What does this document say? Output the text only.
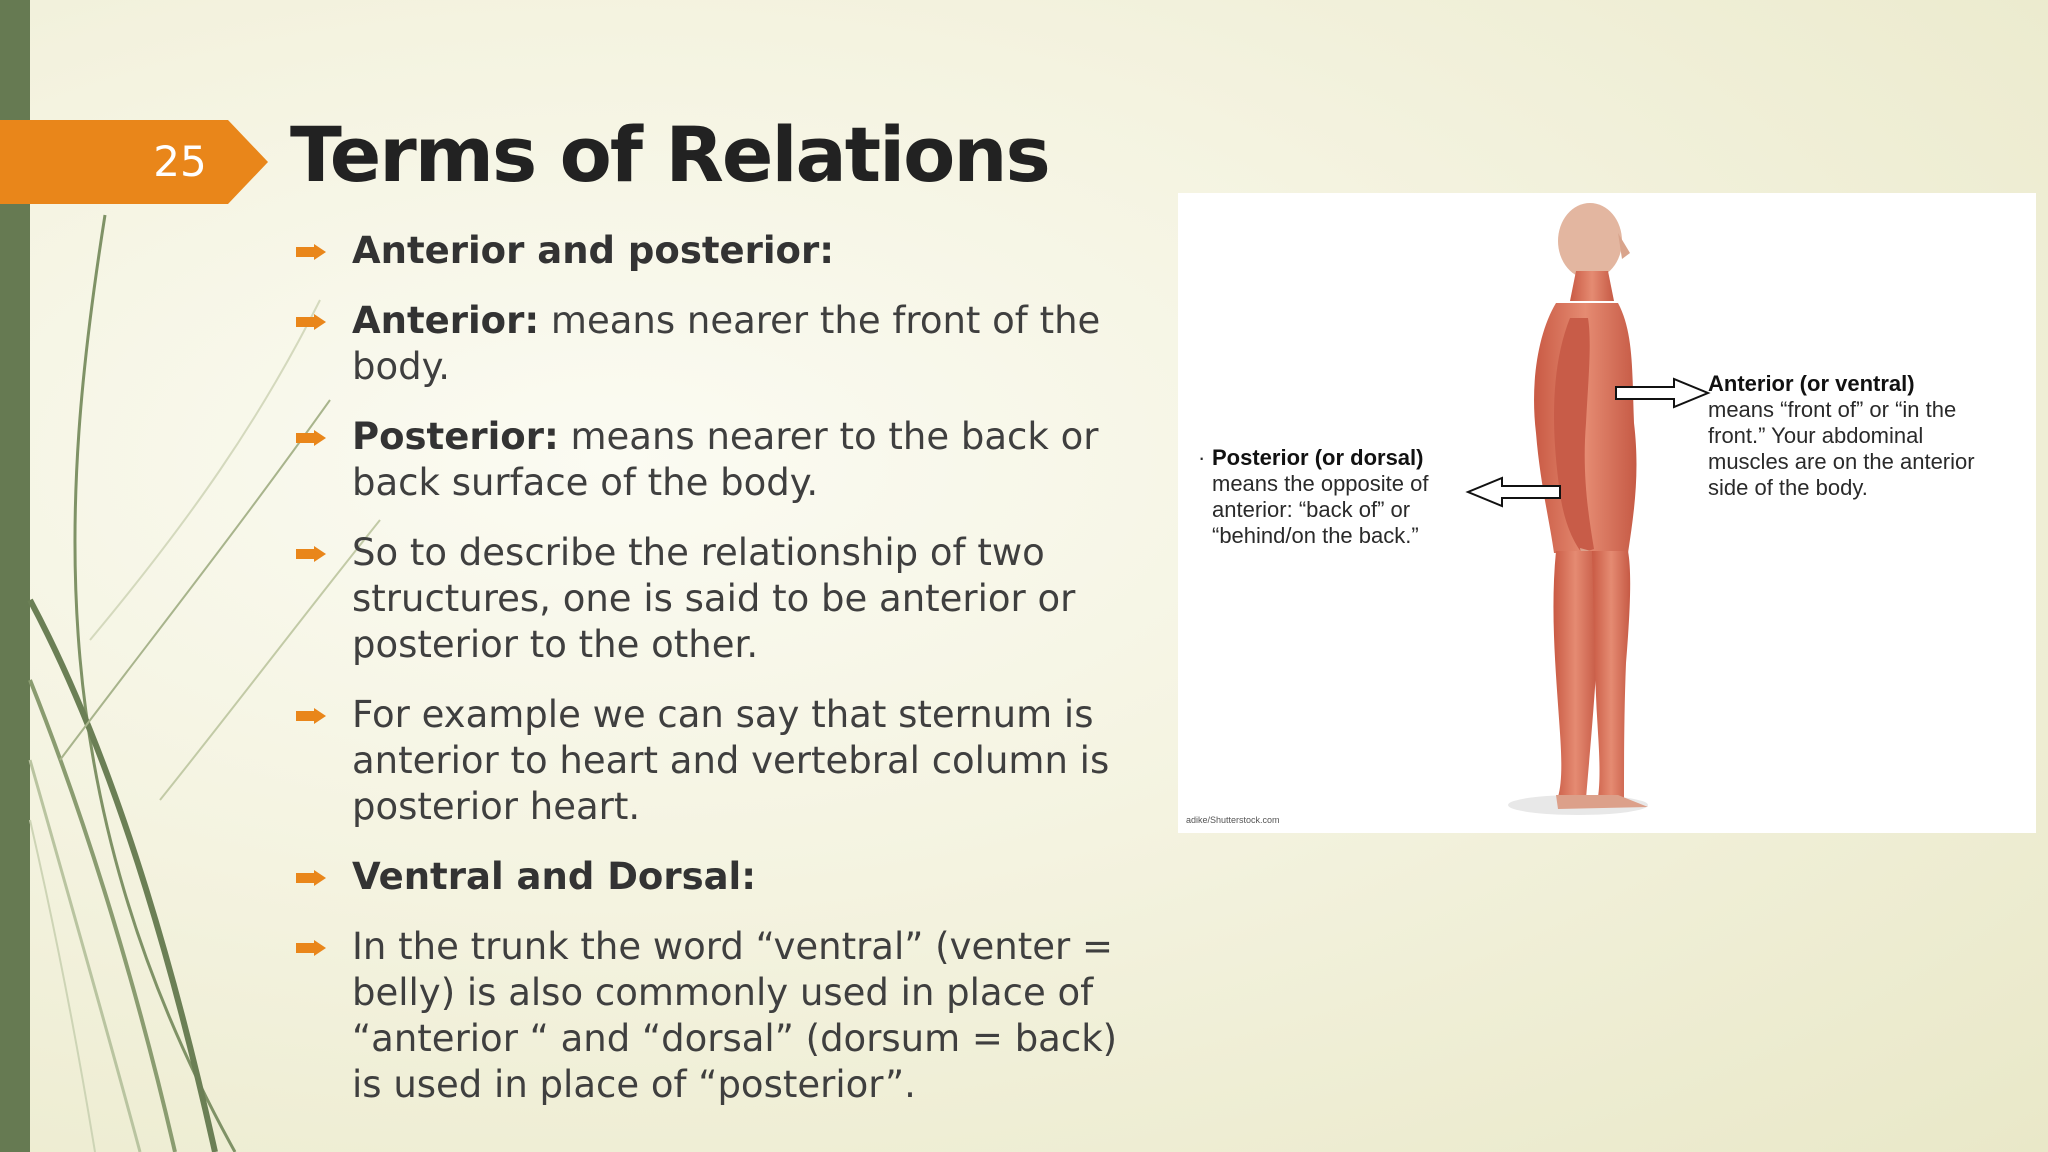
25 Terms of Relations
Anterior and posterior:
Anterior: means nearer the front of the body.
Posterior: means nearer to the back or back surface of the body.
So to describe the relationship of two structures, one is said to be anterior or posterior to the other.
For example we can say that sternum is anterior to heart and vertebral column is posterior heart.
Ventral and Dorsal:
In the trunk the word “ventral” (venter = belly) is also commonly used in place of “anterior “ and “dorsal” (dorsum = back) is used in place of “posterior”.
Anterior (or ventral)
means “front of” or “in the front.” Your abdominal muscles are on the anterior side of the body.
· Posterior (or dorsal) means the opposite of anterior: “back of” or “behind/on the back.”
adike/Shutterstock.com
